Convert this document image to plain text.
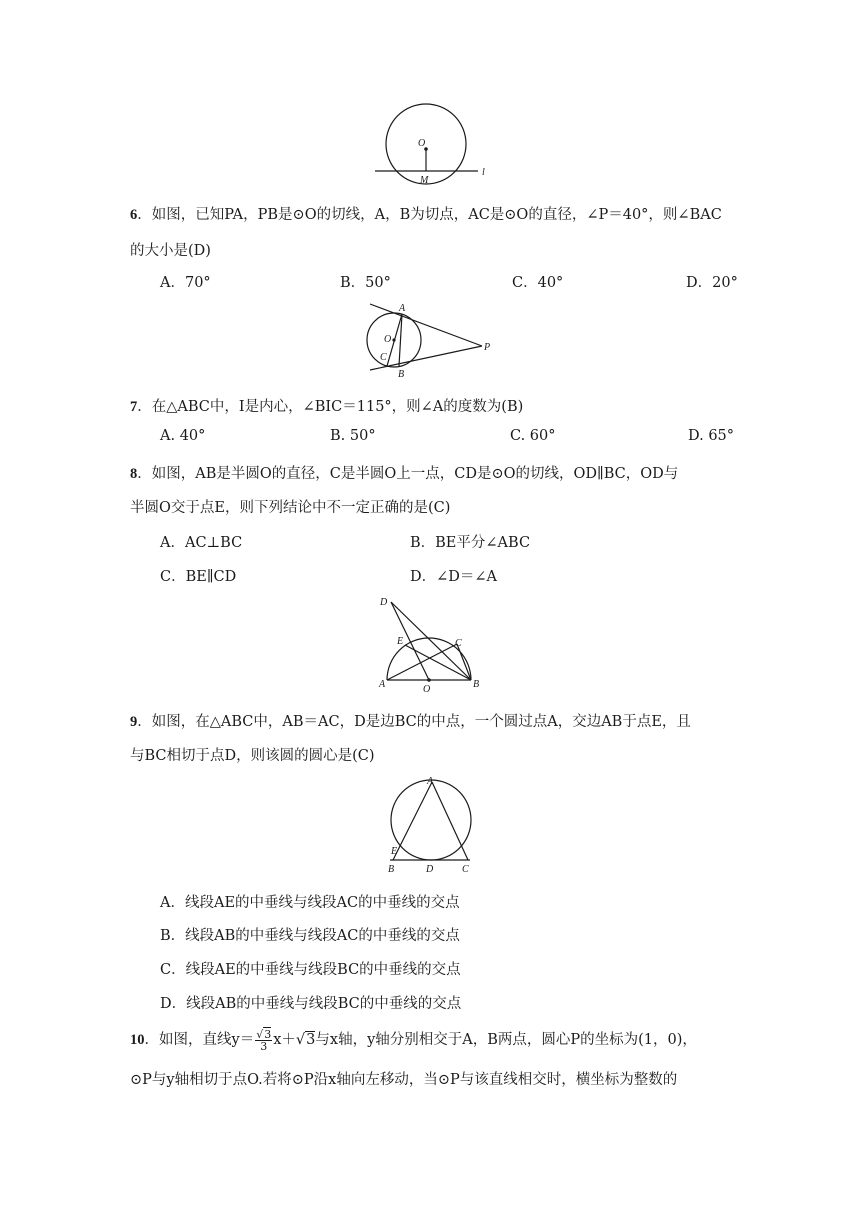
O
M
l
6．如图，已知PA，PB是⊙O的切线，A，B为切点，AC是⊙O的直径，∠P＝40°，则∠BAC
的大小是(D)
A．70°	B．50°	C．40°	D．20°
A
O
C
B
P
7．在△ABC中，I是内心，∠BIC＝115°，则∠A的度数为(B)
A. 40°	B. 50°	C. 60°	D. 65°
8．如图，AB是半圆O的直径，C是半圆O上一点，CD是⊙O的切线，OD∥BC，OD与
半圆O交于点E，则下列结论中不一定正确的是(C)
A．AC⊥BC	B．BE平分∠ABC
C．BE∥CD	D．∠D＝∠A
D
E	C
A	O	B
9．如图，在△ABC中，AB＝AC，D是边BC的中点，一个圆过点A，交边AB于点E，且
与BC相切于点D，则该圆的圆心是(C)
A
E
B	D	C
A．线段AE的中垂线与线段AC的中垂线的交点
B．线段AB的中垂线与线段AC的中垂线的交点
C．线段AE的中垂线与线段BC的中垂线的交点
D．线段AB的中垂线与线段BC的中垂线的交点
10．如图，直线$y= \frac{√3}{3} x+√3$与x轴，y轴分别相交于A，B两点，圆心P的坐标为(1，0)，
⊙P与y轴相切于点O.若将⊙P沿x轴向左移动，当⊙P与该直线相交时，横坐标为整数的
